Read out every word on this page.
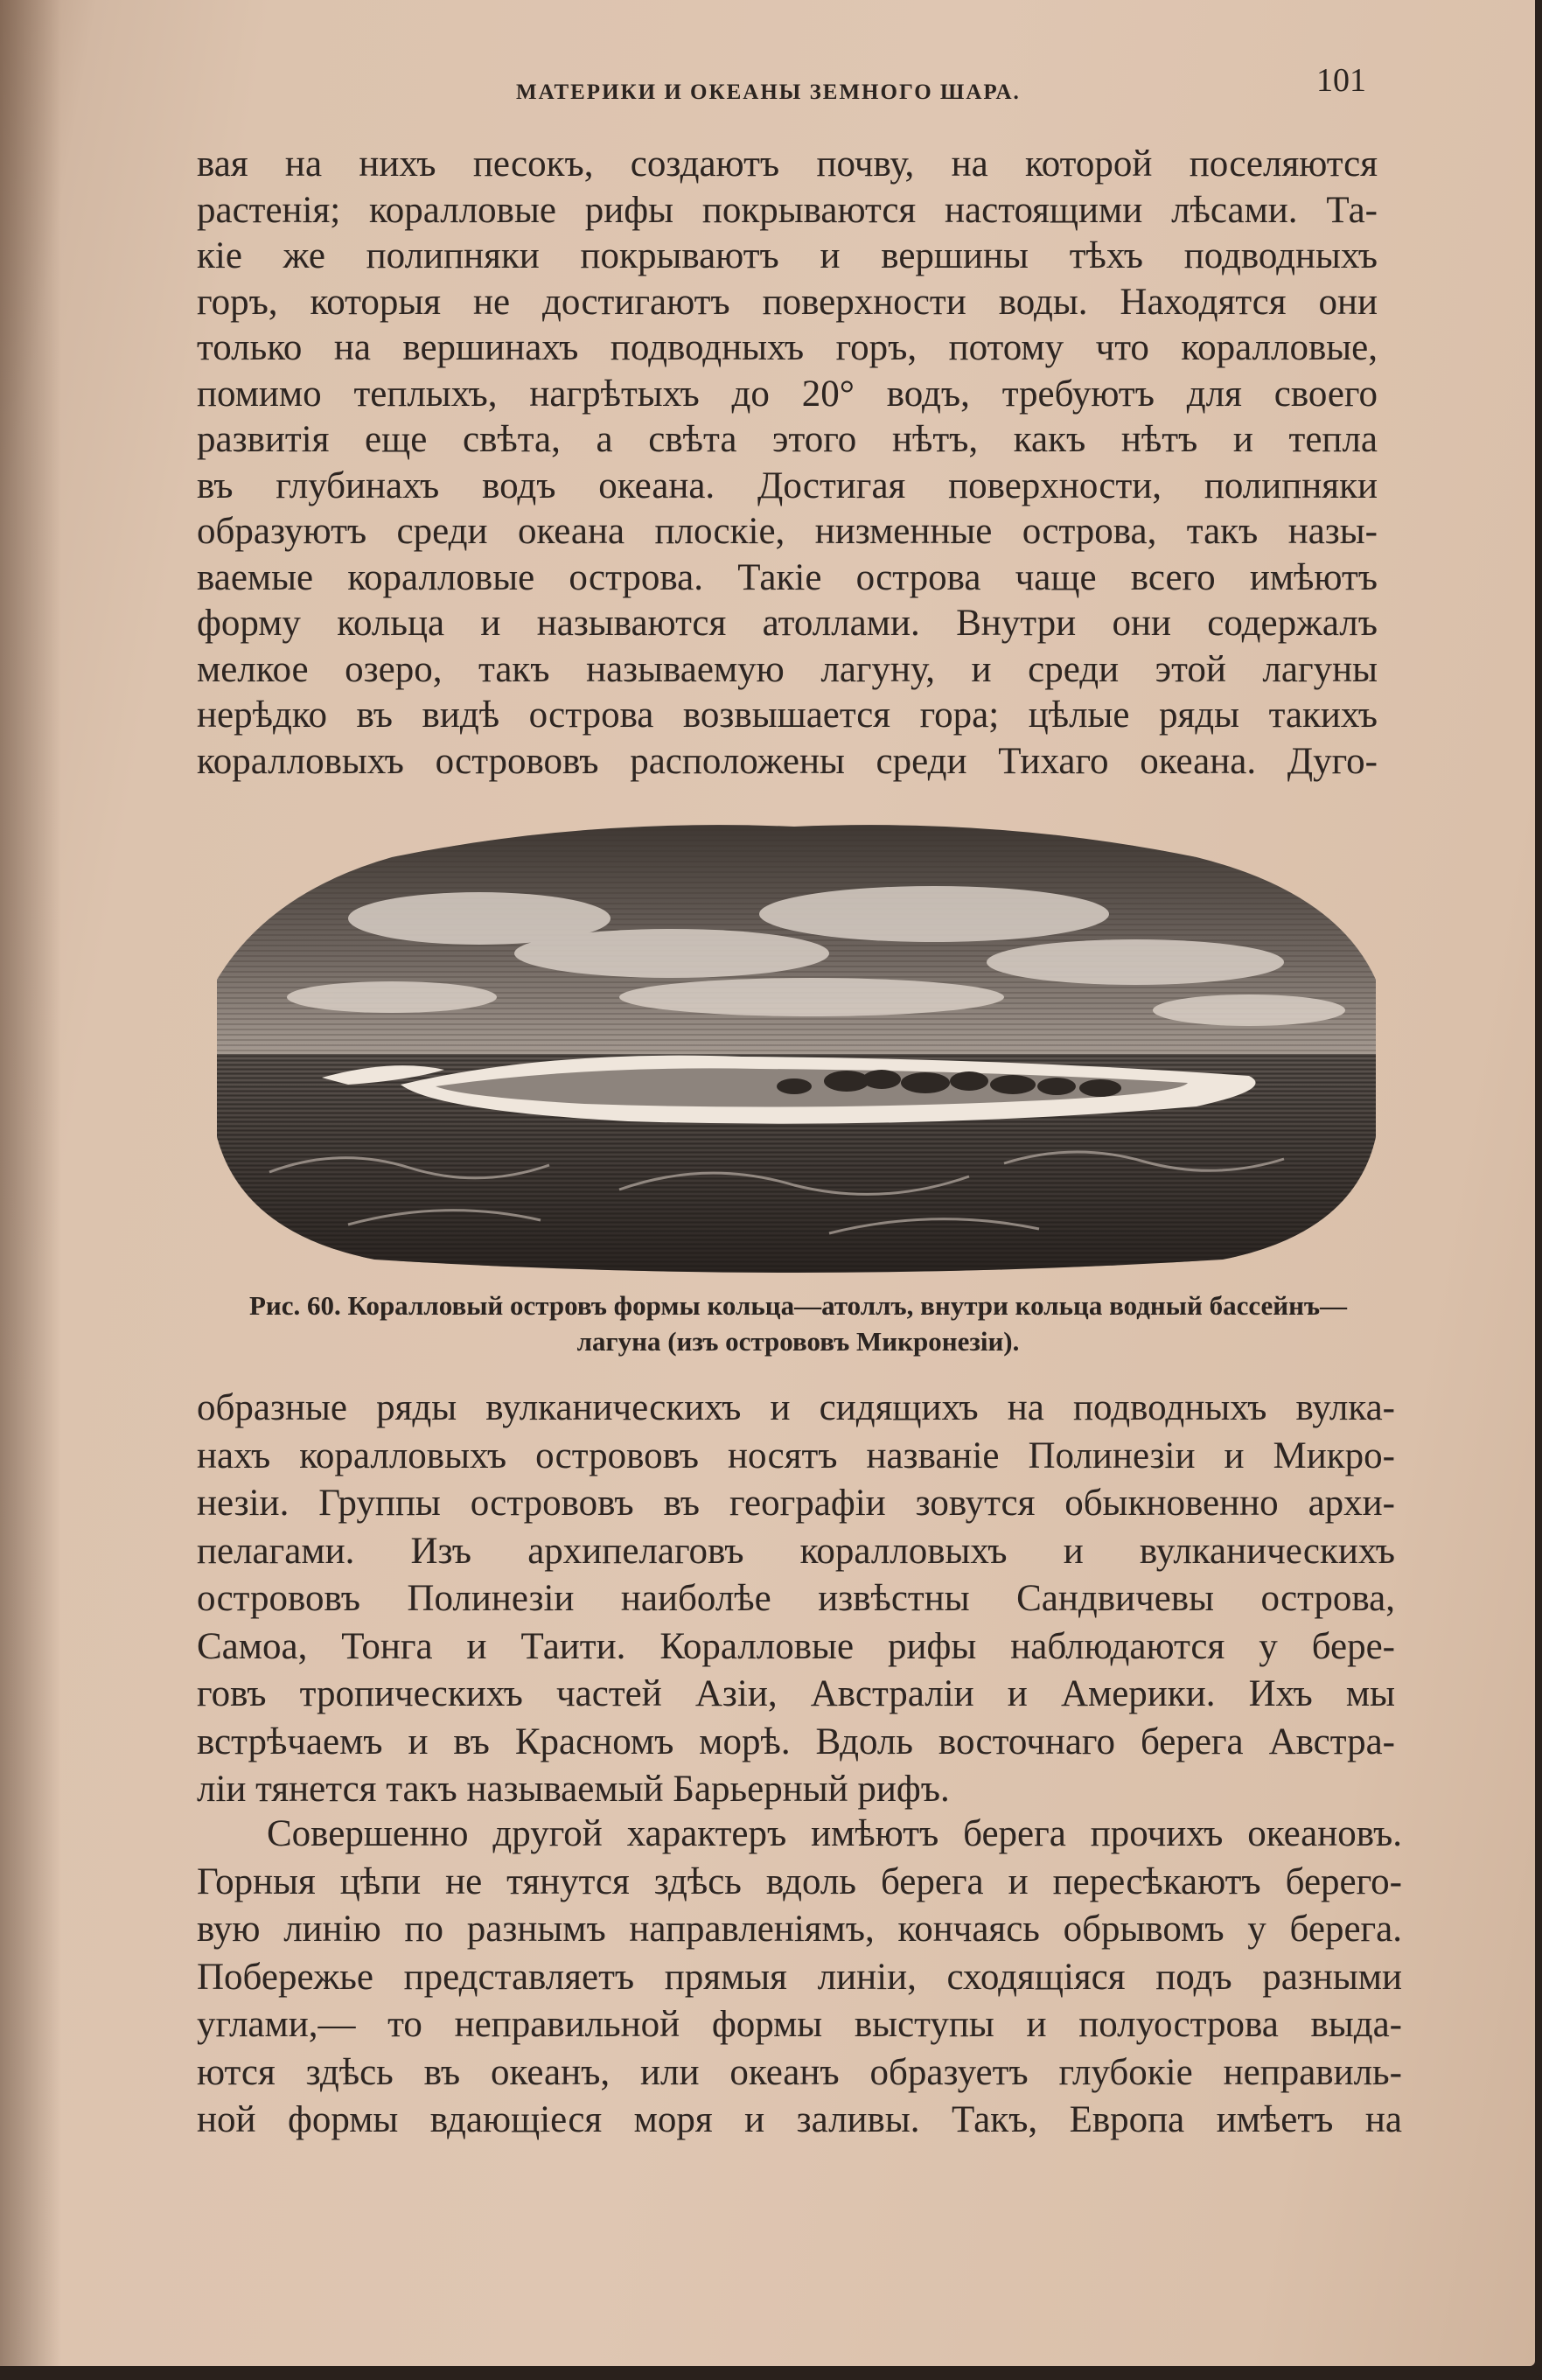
МАТЕРИКИ И ОКЕАНЫ ЗЕМНОГО ШАРА.	101
вая на нихъ песокъ, создаютъ почву, на которой поселяются
растенія; коралловые рифы покрываются настоящими лѣсами. Та-
кіе же полипняки покрываютъ и вершины тѣхъ подводныхъ
горъ, которыя не достигаютъ поверхности воды. Находятся они
только на вершинахъ подводныхъ горъ, потому что коралловые,
помимо теплыхъ, нагрѣтыхъ до 20° водъ, требуютъ для своего
развитія еще свѣта, а свѣта этого нѣтъ, какъ нѣтъ и тепла
въ глубинахъ водъ океана. Достигая поверхности, полипняки
образуютъ среди океана плоскіе, низменные острова, такъ назы-
ваемые коралловые острова. Такіе острова чаще всего имѣютъ
форму кольца и называются атоллами. Внутри они содержалъ
мелкое озеро, такъ называемую лагуну, и среди этой лагуны
нерѣдко въ видѣ острова возвышается гора; цѣлые ряды такихъ
коралловыхъ острововъ расположены среди Тихаго океана. Дуго-
Рис. 60. Коралловый островъ формы кольца—атоллъ, внутри кольца водный бассейнъ—
лагуна (изъ острововъ Микронезіи).
образные ряды вулканическихъ и сидящихъ на подводныхъ вулка-
нахъ коралловыхъ острововъ носятъ названіе Полинезіи и Микро-
незіи. Группы острововъ въ географіи зовутся обыкновенно архи-
пелагами. Изъ архипелаговъ коралловыхъ и вулканическихъ
острововъ Полинезіи наиболѣе извѣстны Сандвичевы острова,
Самоа, Тонга и Таити. Коралловые рифы наблюдаются у бере-
говъ тропическихъ частей Азіи, Австраліи и Америки. Ихъ мы
встрѣчаемъ и въ Красномъ морѣ. Вдоль восточнаго берега Австра-
ліи тянется такъ называемый Барьерный рифъ.
Совершенно другой характеръ имѣютъ берега прочихъ океановъ.
Горныя цѣпи не тянутся здѣсь вдоль берега и пересѣкаютъ берего-
вую линію по разнымъ направленіямъ, кончаясь обрывомъ у берега.
Побережье представляетъ прямыя линіи, сходящіяся подъ разными
углами,— то неправильной формы выступы и полуострова выда-
ются здѣсь въ океанъ, или океанъ образуетъ глубокіе неправиль-
ной формы вдающіеся моря и заливы. Такъ, Европа имѣетъ на
